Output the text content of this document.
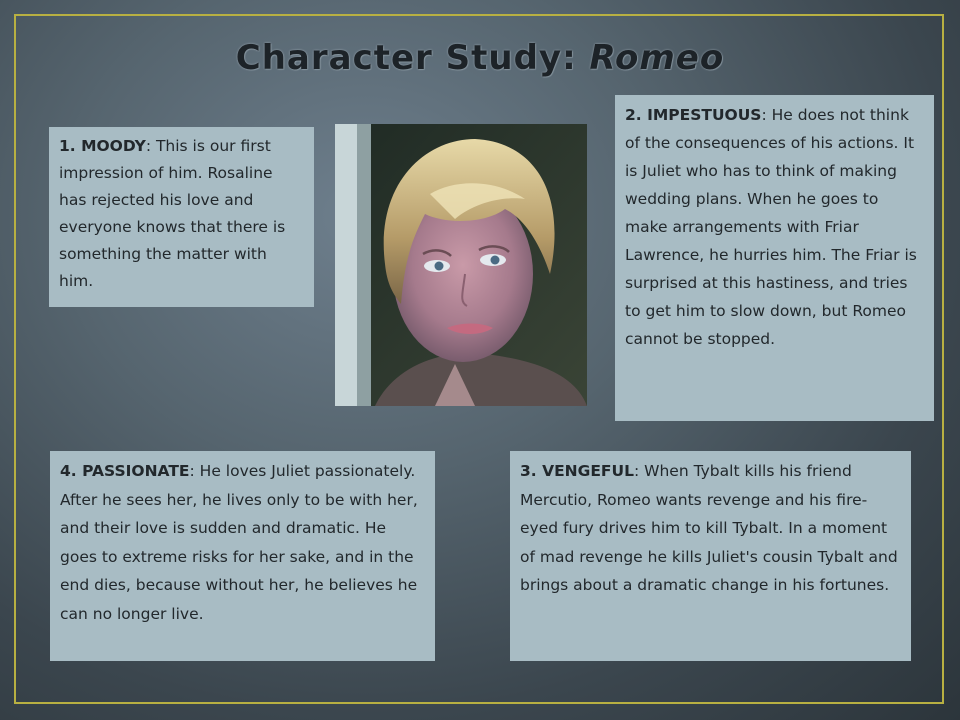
Character Study: Romeo
1. MOODY: This is our first impression of him. Rosaline has rejected his love and everyone knows that there is something the matter with him.
2. IMPESTUOUS: He does not think of the consequences of his actions. It is Juliet who has to think of making wedding plans. When he goes to make arrangements with Friar Lawrence, he hurries him. The Friar is surprised at this hastiness, and tries to get him to slow down, but Romeo cannot be stopped.
4. PASSIONATE: He loves Juliet passionately. After he sees her, he lives only to be with her, and their love is sudden and dramatic. He goes to extreme risks for her sake, and in the end dies, because without her, he believes he can no longer live.
3. VENGEFUL: When Tybalt kills his friend Mercutio, Romeo wants revenge and his fire-eyed fury drives him to kill Tybalt. In a moment of mad revenge he kills Juliet's cousin Tybalt and brings about a dramatic change in his fortunes.
